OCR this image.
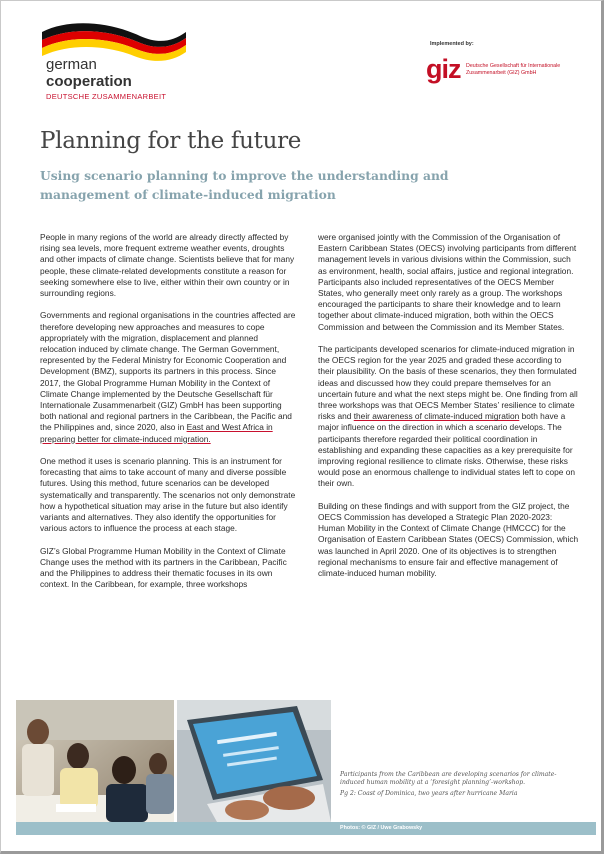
german
cooperation
DEUTSCHE ZUSAMMENARBEIT
Implemented by:
giz Deutsche Gesellschaft für Internationale Zusammenarbeit (GIZ) GmbH
Planning for the future
Using scenario planning to improve the understanding and management of climate-induced migration

People in many regions of the world are already directly affected by rising sea levels, more frequent extreme weather events, droughts and other impacts of climate change. Scientists believe that for many people, these climate-related developments constitute a reason for seeking somewhere else to live, either within their own country or in surrounding regions.

Governments and regional organisations in the countries affected are therefore developing new approaches and measures to cope appropriately with the migration, displacement and planned relocation induced by climate change. The German Government, represented by the Federal Ministry for Economic Cooperation and Development (BMZ), supports its partners in this process. Since 2017, the Global Programme Human Mobility in the Context of Climate Change implemented by the Deutsche Gesellschaft für Internationale Zusammenarbeit (GIZ) GmbH has been supporting both national and regional partners in the Caribbean, the Pacific and the Philippines and, since 2020, also in East and West Africa in preparing better for climate-induced migration.

One method it uses is scenario planning. This is an instrument for forecasting that aims to take account of many and diverse possible futures. Using this method, future scenarios can be developed systematically and transparently. The scenarios not only demonstrate how a hypothetical situation may arise in the future but also identify variants and alternatives. They also identify the opportunities for various actors to influence the process at each stage.

GIZ’s Global Programme Human Mobility in the Context of Climate Change uses the method with its partners in the Caribbean, Pacific and the Philippines to address their thematic focuses in its own context. In the Caribbean, for example, three workshops

were organised jointly with the Commission of the Organisation of Eastern Caribbean States (OECS) involving participants from different management levels in various divisions within the Commission, such as environment, health, social affairs, justice and regional integration. Participants also included representatives of the OECS Member States, who generally meet only rarely as a group. The workshops encouraged the participants to share their knowledge and to learn together about climate-induced migration, both within the OECS Commission and between the Commission and its Member States.

The participants developed scenarios for climate-induced migration in the OECS region for the year 2025 and graded these according to their plausibility. On the basis of these scenarios, they then formulated ideas and discussed how they could prepare themselves for an uncertain future and what the next steps might be. One finding from all three workshops was that OECS Member States’ resilience to climate risks and their awareness of climate-induced migration both have a major influence on the direction in which a scenario develops. The participants therefore regarded their political coordination in establishing and expanding these capacities as a key prerequisite for improving regional resilience to climate risks. Otherwise, these risks would pose an enormous challenge to individual states left to cope on their own.

Building on these findings and with support from the GIZ project, the OECS Commission has developed a Strategic Plan 2020-2023: Human Mobility in the Context of Climate Change (HMCCC) for the Organisation of Eastern Caribbean States (OECS) Commission, which was launched in April 2020. One of its objectives is to strengthen regional mechanisms to ensure fair and effective management of climate-induced human mobility.

Participants from the Caribbean are developing scenarios for climate-induced human mobility at a ‘foresight planning’-workshop.

Pg 2: Coast of Dominica, two years after hurricane Maria

Photos: © GIZ / Uwe Grabowsky
